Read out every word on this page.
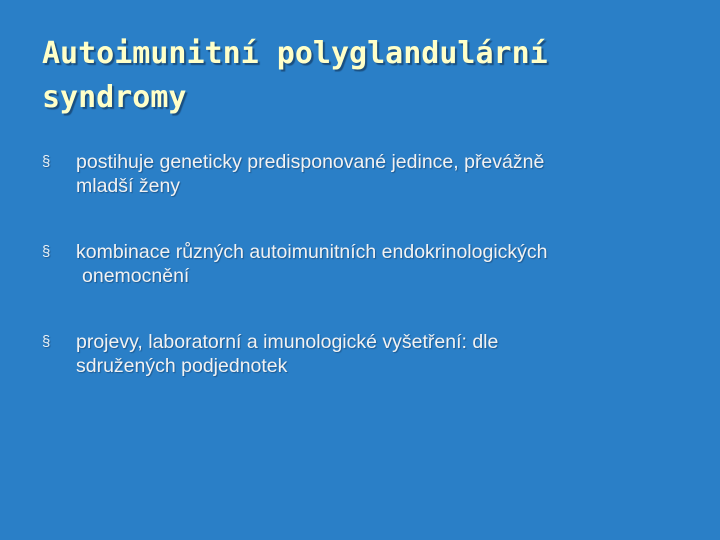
Autoimunitní polyglandulární
syndromy
§ postihuje geneticky predisponované jedince, převážně
mladší ženy
§ kombinace různých autoimunitních endokrinologických
onemocnění
§ projevy, laboratorní a imunologické vyšetření: dle
sdružených podjednotek
